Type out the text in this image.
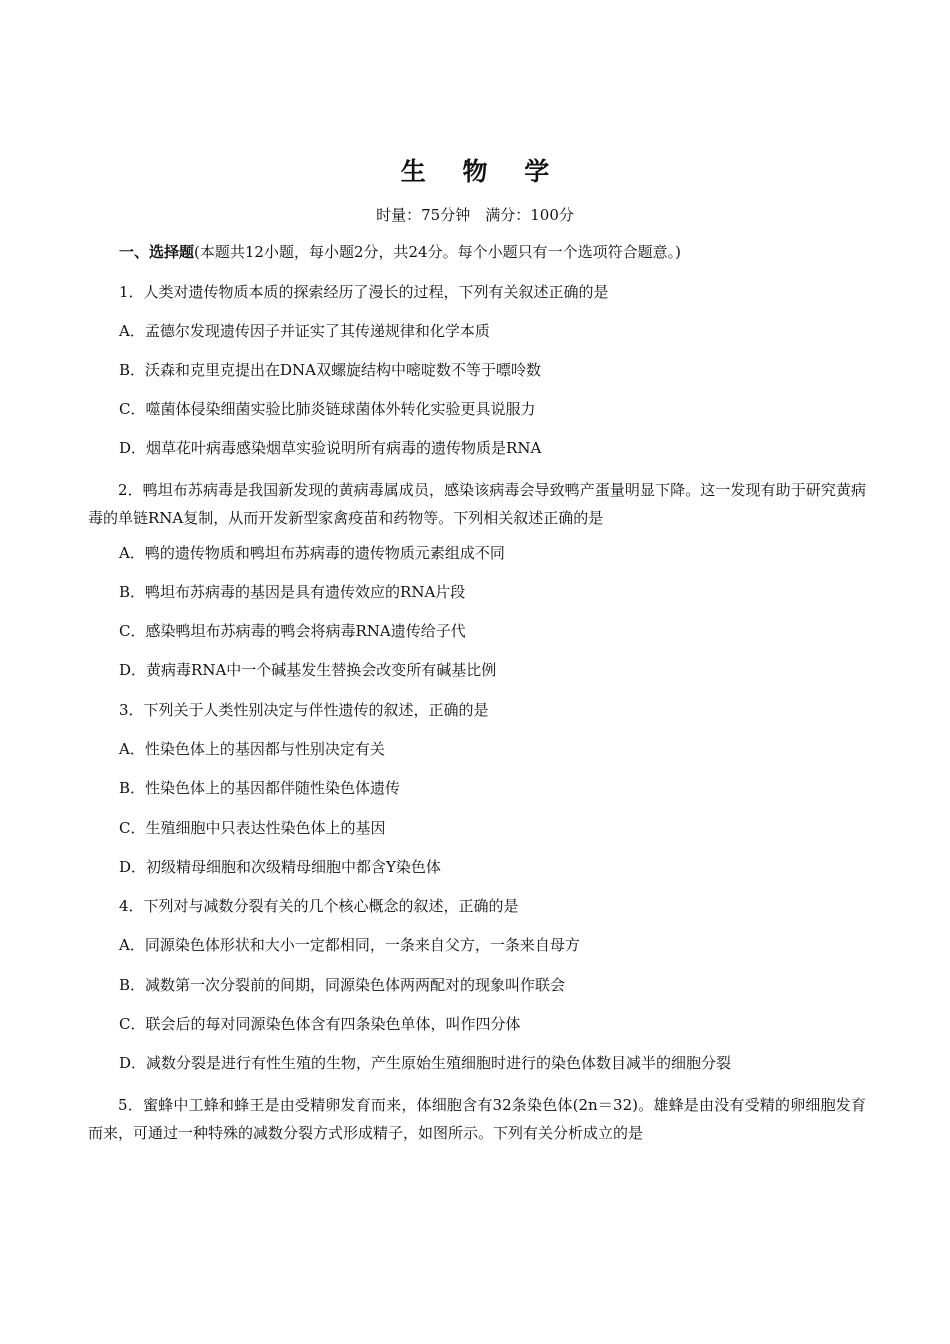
生 物 学
时量：75分钟　满分：100分
一、选择题(本题共12小题，每小题2分，共24分。每个小题只有一个选项符合题意。)
1．人类对遗传物质本质的探索经历了漫长的过程，下列有关叙述正确的是
A．孟德尔发现遗传因子并证实了其传递规律和化学本质
B．沃森和克里克提出在DNA双螺旋结构中嘧啶数不等于嘌呤数
C．噬菌体侵染细菌实验比肺炎链球菌体外转化实验更具说服力
D．烟草花叶病毒感染烟草实验说明所有病毒的遗传物质是RNA
2．鸭坦布苏病毒是我国新发现的黄病毒属成员，感染该病毒会导致鸭产蛋量明显下降。这一发现有助于研究黄病毒的单链RNA复制，从而开发新型家禽疫苗和药物等。下列相关叙述正确的是
A．鸭的遗传物质和鸭坦布苏病毒的遗传物质元素组成不同
B．鸭坦布苏病毒的基因是具有遗传效应的RNA片段
C．感染鸭坦布苏病毒的鸭会将病毒RNA遗传给子代
D．黄病毒RNA中一个碱基发生替换会改变所有碱基比例
3．下列关于人类性别决定与伴性遗传的叙述，正确的是
A．性染色体上的基因都与性别决定有关
B．性染色体上的基因都伴随性染色体遗传
C．生殖细胞中只表达性染色体上的基因
D．初级精母细胞和次级精母细胞中都含Y染色体
4．下列对与减数分裂有关的几个核心概念的叙述，正确的是
A．同源染色体形状和大小一定都相同，一条来自父方，一条来自母方
B．减数第一次分裂前的间期，同源染色体两两配对的现象叫作联会
C．联会后的每对同源染色体含有四条染色单体，叫作四分体
D．减数分裂是进行有性生殖的生物，产生原始生殖细胞时进行的染色体数目减半的细胞分裂
5．蜜蜂中工蜂和蜂王是由受精卵发育而来，体细胞含有32条染色体(2n＝32)。雄蜂是由没有受精的卵细胞发育而来，可通过一种特殊的减数分裂方式形成精子，如图所示。下列有关分析成立的是
